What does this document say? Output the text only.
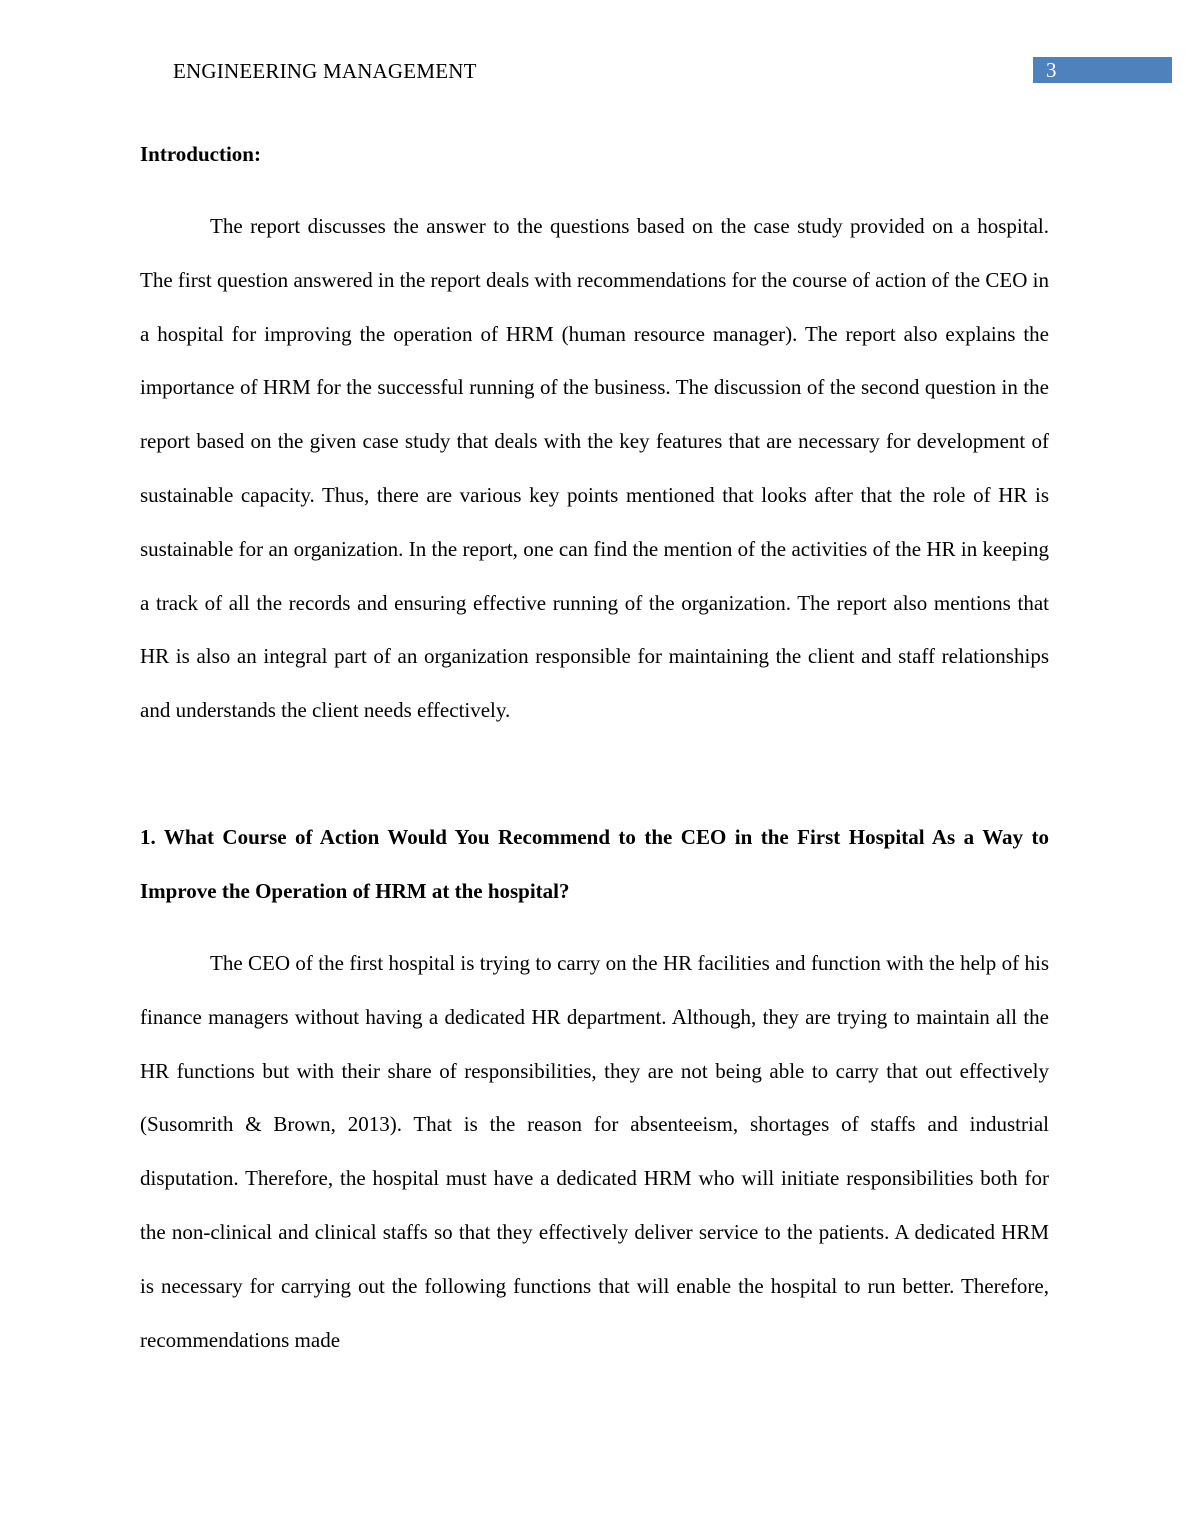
ENGINEERING MANAGEMENT	3
Introduction:

The report discusses the answer to the questions based on the case study provided on a hospital. The first question answered in the report deals with recommendations for the course of action of the CEO in a hospital for improving the operation of HRM (human resource manager). The report also explains the importance of HRM for the successful running of the business. The discussion of the second question in the report based on the given case study that deals with the key features that are necessary for development of sustainable capacity. Thus, there are various key points mentioned that looks after that the role of HR is sustainable for an organization. In the report, one can find the mention of the activities of the HR in keeping a track of all the records and ensuring effective running of the organization. The report also mentions that HR is also an integral part of an organization responsible for maintaining the client and staff relationships and understands the client needs effectively.

1. What Course of Action Would You Recommend to the CEO in the First Hospital As a Way to Improve the Operation of HRM at the hospital?

The CEO of the first hospital is trying to carry on the HR facilities and function with the help of his finance managers without having a dedicated HR department. Although, they are trying to maintain all the HR functions but with their share of responsibilities, they are not being able to carry that out effectively (Susomrith & Brown, 2013). That is the reason for absenteeism, shortages of staffs and industrial disputation. Therefore, the hospital must have a dedicated HRM who will initiate responsibilities both for the non-clinical and clinical staffs so that they effectively deliver service to the patients. A dedicated HRM is necessary for carrying out the following functions that will enable the hospital to run better. Therefore, recommendations made
